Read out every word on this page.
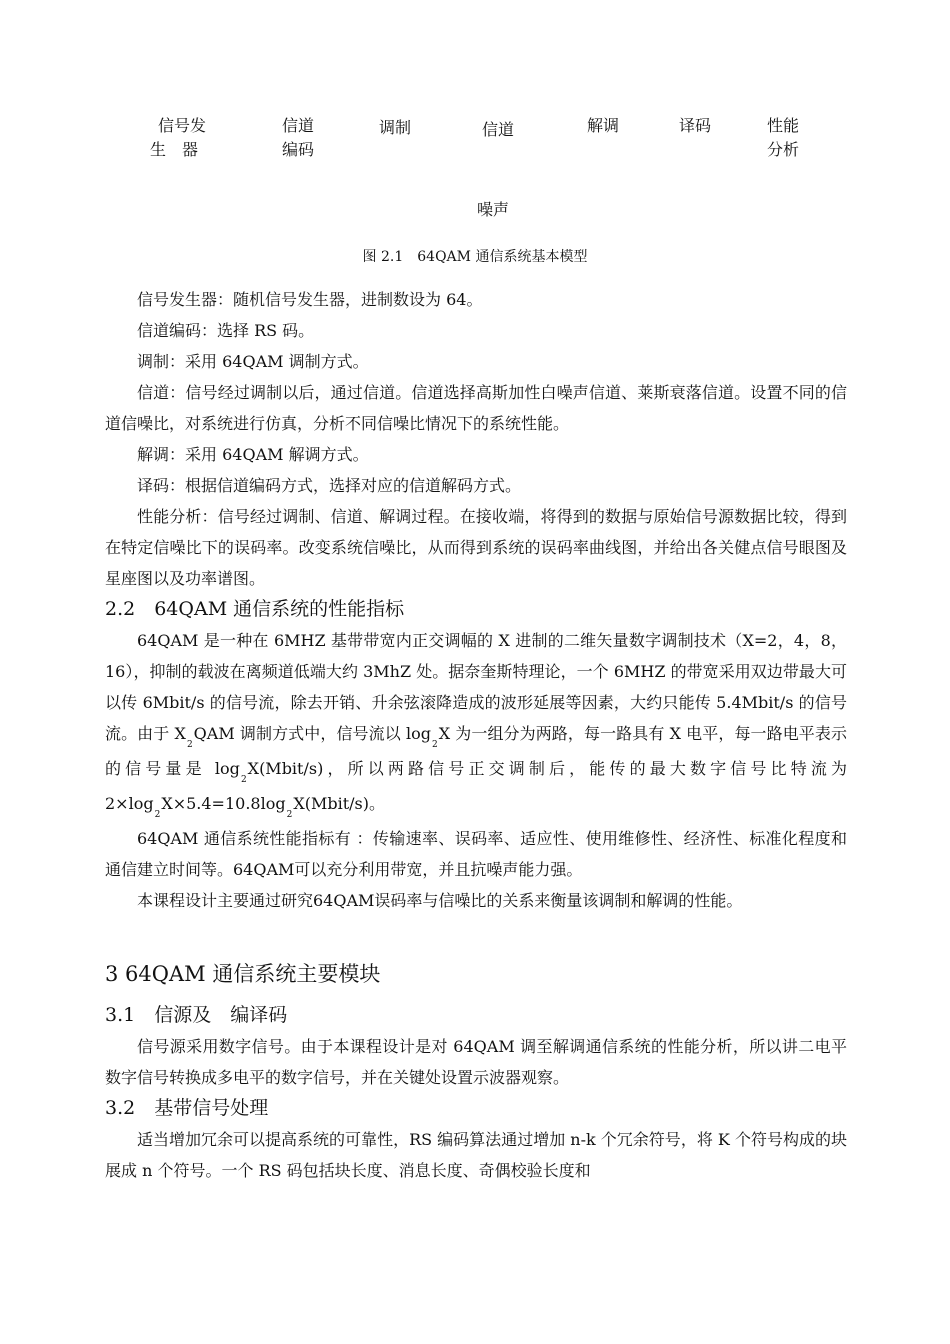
信号发
生　器
信道
编码
调制	信道	解调	译码	性能
分析
噪声
图 2.1　64QAM 通信系统基本模型

信号发生器：随机信号发生器，进制数设为 64。

信道编码：选择 RS 码。

调制：采用 64QAM 调制方式。

信道：信号经过调制以后，通过信道。信道选择高斯加性白噪声信道、莱斯衰落信道。设置不同的信道信噪比，对系统进行仿真，分析不同信噪比情况下的系统性能。

解调：采用 64QAM 解调方式。

译码：根据信道编码方式，选择对应的信道解码方式。

性能分析：信号经过调制、信道、解调过程。在接收端，将得到的数据与原始信号源数据比较，得到在特定信噪比下的误码率。改变系统信噪比，从而得到系统的误码率曲线图，并给出各关健点信号眼图及星座图以及功率谱图。

2.2　64QAM 通信系统的性能指标

64QAM 是一种在 6MHZ 基带带宽内正交调幅的 X 进制的二维矢量数字调制技术（X=2，4，8，16），抑制的载波在离频道低端大约 3MhZ 处。据奈奎斯特理论，一个 6MHZ 的带宽采用双边带最大可以传 6Mbit/s 的信号流，除去开销、升余弦滚降造成的波形延展等因素，大约只能传 5.4Mbit/s 的信号流。由于 $X_2QAM$ 调制方式中，信号流以 $\log_2X$ 为一组分为两路，每一路具有 X 电平，每一路电平表示的信号量是 $\log_2X(Mbit/s)$，所以两路信号正交调制后，能传的最大数字信号比特流为 $2\times\log_2X\times 5.4=10.8\log_2X(Mbit/s)$。

64QAM 通信系统性能指标有 ：传输速率、误码率、适应性、使用维修性、经济性、标准化程度和通信建立时间等。64QAM可以充分利用带宽，并且抗噪声能力强。

本课程设计主要通过研究64QAM误码率与信噪比的关系来衡量该调制和解调的性能。

3 64QAM 通信系统主要模块
3.1　信源及　编译码

信号源采用数字信号。由于本课程设计是对 64QAM 调至解调通信系统的性能分析，所以讲二电平数字信号转换成多电平的数字信号，并在关键处设置示波器观察。

3.2　基带信号处理

适当增加冗余可以提高系统的可靠性，RS 编码算法通过增加 n-k 个冗余符号，将 K 个符号构成的块展成 n 个符号。一个 RS 码包括块长度、消息长度、奇偶校验长度和
